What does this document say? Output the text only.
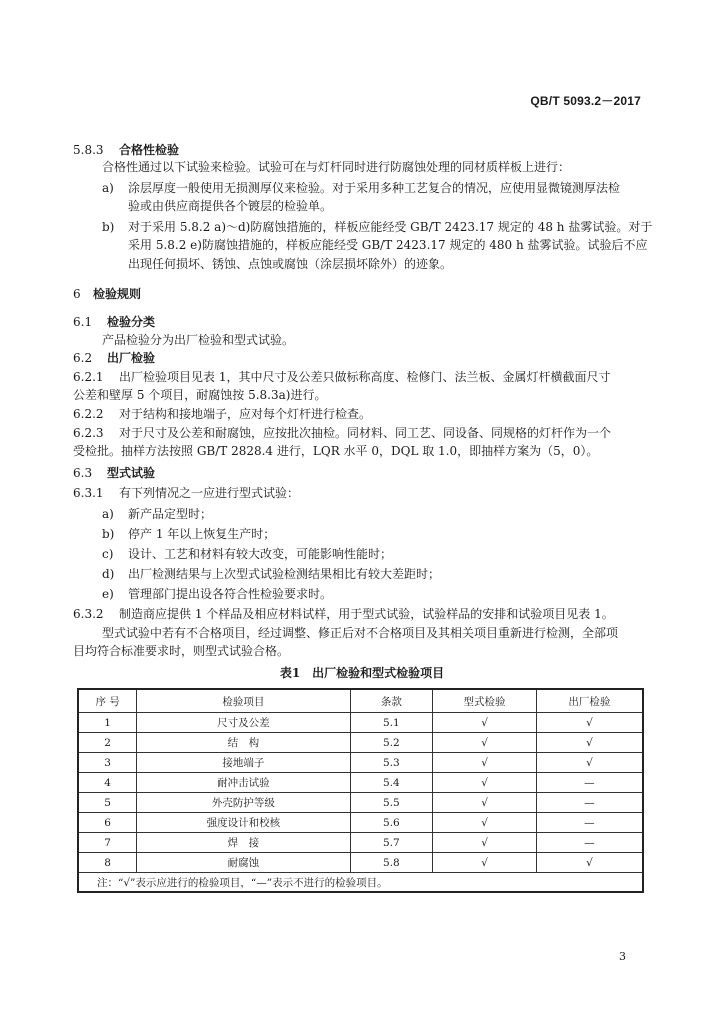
QB/T 5093.2－2017
5.8.3 合格性检验
合格性通过以下试验来检验。试验可在与灯杆同时进行防腐蚀处理的同材质样板上进行：
a) 涂层厚度一般使用无损测厚仪来检验。对于采用多种工艺复合的情况，应使用显微镜测厚法检
验或由供应商提供各个镀层的检验单。
b) 对于采用 5.8.2 a)～d)防腐蚀措施的，样板应能经受 GB/T 2423.17 规定的 48 h 盐雾试验。对于
采用 5.8.2 e)防腐蚀措施的，样板应能经受 GB/T 2423.17 规定的 480 h 盐雾试验。试验后不应
出现任何损坏、锈蚀、点蚀或腐蚀（涂层损坏除外）的迹象。
6 检验规则
6.1 检验分类
产品检验分为出厂检验和型式试验。
6.2 出厂检验
6.2.1 出厂检验项目见表 1，其中尺寸及公差只做标称高度、检修门、法兰板、金属灯杆横截面尺寸
公差和壁厚 5 个项目，耐腐蚀按 5.8.3a)进行。
6.2.2 对于结构和接地端子，应对每个灯杆进行检查。
6.2.3 对于尺寸及公差和耐腐蚀，应按批次抽检。同材料、同工艺、同设备、同规格的灯杆作为一个
受检批。抽样方法按照 GB/T 2828.4 进行，LQR 水平 0，DQL 取 1.0，即抽样方案为（5，0）。
6.3 型式试验
6.3.1 有下列情况之一应进行型式试验：
a) 新产品定型时；
b) 停产 1 年以上恢复生产时；
c) 设计、工艺和材料有较大改变，可能影响性能时；
d) 出厂检测结果与上次型式试验检测结果相比有较大差距时；
e) 管理部门提出设各符合性检验要求时。
6.3.2 制造商应提供 1 个样品及相应材料试样，用于型式试验，试验样品的安排和试验项目见表 1。
型式试验中若有不合格项目，经过调整、修正后对不合格项目及其相关项目重新进行检测，全部项
目均符合标准要求时，则型式试验合格。
表1　出厂检验和型式检验项目
序 号	检验项目	条款	型式检验	出厂检验
1	尺寸及公差	5.1	√	√
2	结　构	5.2	√	√
3	接地端子	5.3	√	√
4	耐冲击试验	5.4	√	—
5	外壳防护等级	5.5	√	—
6	强度设计和校核	5.6	√	—
7	焊　接	5.7	√	—
8	耐腐蚀	5.8	√	√
注：“√”表示应进行的检验项目，“—”表示不进行的检验项目。				
3
